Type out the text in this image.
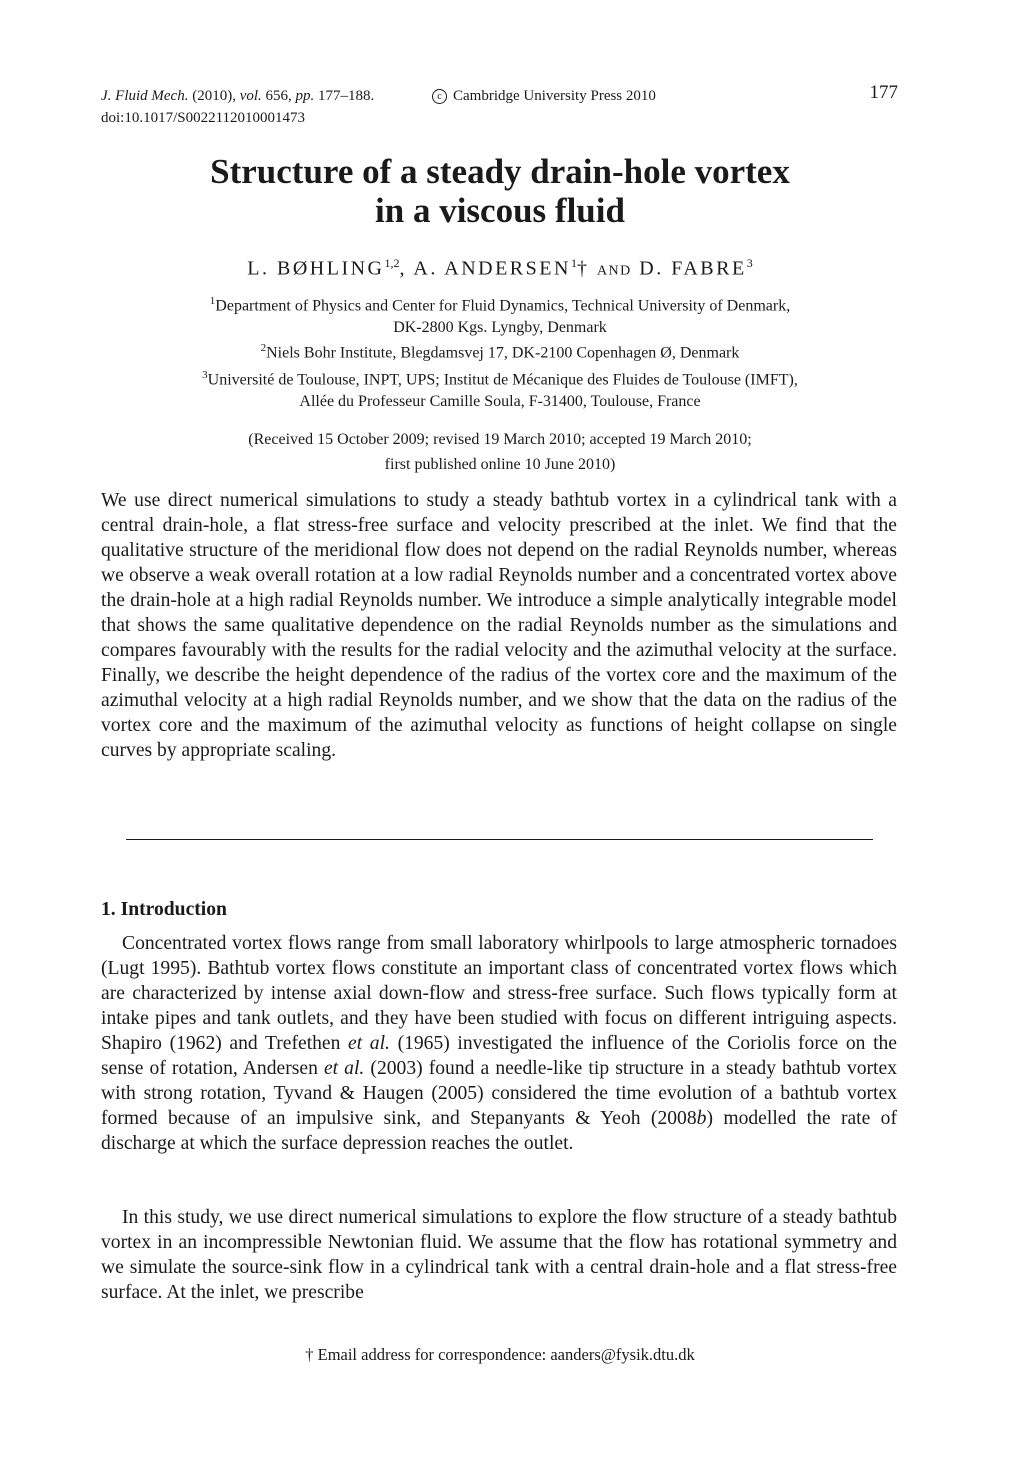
J. Fluid Mech. (2010), vol. 656, pp. 177–188.	c Cambridge University Press 2010	177
doi:10.1017/S0022112010001473
Structure of a steady drain-hole vortex
in a viscous fluid
L. BØHLING$^{1,2}$, A. ANDERSEN$^1$† AND D. FABRE$^3$
$^1$Department of Physics and Center for Fluid Dynamics, Technical University of Denmark,
DK-2800 Kgs. Lyngby, Denmark
$^2$Niels Bohr Institute, Blegdamsvej 17, DK-2100 Copenhagen Ø, Denmark
$^3$Université de Toulouse, INPT, UPS; Institut de Mécanique des Fluides de Toulouse (IMFT),
Allée du Professeur Camille Soula, F-31400, Toulouse, France
(Received 15 October 2009; revised 19 March 2010; accepted 19 March 2010;
first published online 10 June 2010)
We use direct numerical simulations to study a steady bathtub vortex in a cylindrical tank with a central drain-hole, a flat stress-free surface and velocity prescribed at the inlet. We find that the qualitative structure of the meridional flow does not depend on the radial Reynolds number, whereas we observe a weak overall rotation at a low radial Reynolds number and a concentrated vortex above the drain-hole at a high radial Reynolds number. We introduce a simple analytically integrable model that shows the same qualitative dependence on the radial Reynolds number as the simulations and compares favourably with the results for the radial velocity and the azimuthal velocity at the surface. Finally, we describe the height dependence of the radius of the vortex core and the maximum of the azimuthal velocity at a high radial Reynolds number, and we show that the data on the radius of the vortex core and the maximum of the azimuthal velocity as functions of height collapse on single curves by appropriate scaling.
1. Introduction
Concentrated vortex flows range from small laboratory whirlpools to large atmospheric tornadoes (Lugt 1995). Bathtub vortex flows constitute an important class of concentrated vortex flows which are characterized by intense axial down-flow and stress-free surface. Such flows typically form at intake pipes and tank outlets, and they have been studied with focus on different intriguing aspects. Shapiro (1962) and Trefethen et al. (1965) investigated the influence of the Coriolis force on the sense of rotation, Andersen et al. (2003) found a needle-like tip structure in a steady bathtub vortex with strong rotation, Tyvand & Haugen (2005) considered the time evolution of a bathtub vortex formed because of an impulsive sink, and Stepanyants & Yeoh (2008b) modelled the rate of discharge at which the surface depression reaches the outlet.
In this study, we use direct numerical simulations to explore the flow structure of a steady bathtub vortex in an incompressible Newtonian fluid. We assume that the flow has rotational symmetry and we simulate the source-sink flow in a cylindrical tank with a central drain-hole and a flat stress-free surface. At the inlet, we prescribe
† Email address for correspondence: aanders@fysik.dtu.dk
